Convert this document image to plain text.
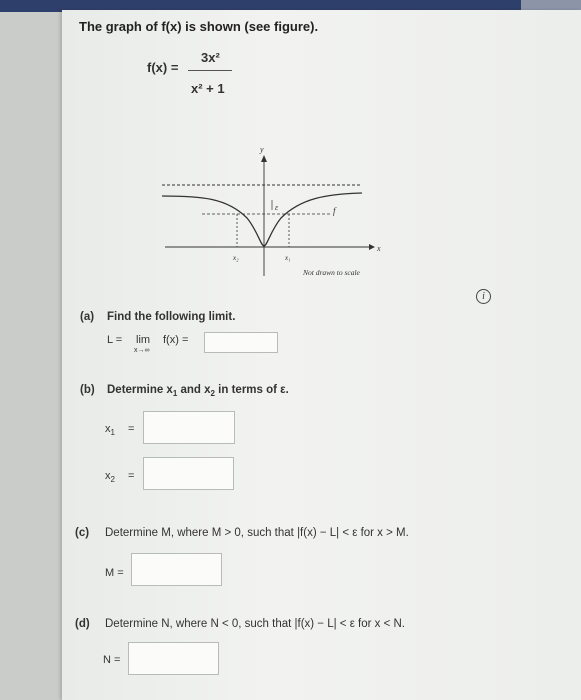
The graph of f(x) is shown (see figure).
f(x) =
3x²
x² + 1
y
x
ε	f
x₂	x₁
Not drawn to scale
i
(a) Find the following limit.
L = lim
x→∞
f(x) =
(b) Determine $x_1$ and $x_2$ in terms of ε.
$x_1$ =
$x_2$ =
(c) Determine M, where M > 0, such that |f(x) − L| < ε for x > M.
M =
(d) Determine N, where N < 0, such that |f(x) − L| < ε for x < N.
N =
